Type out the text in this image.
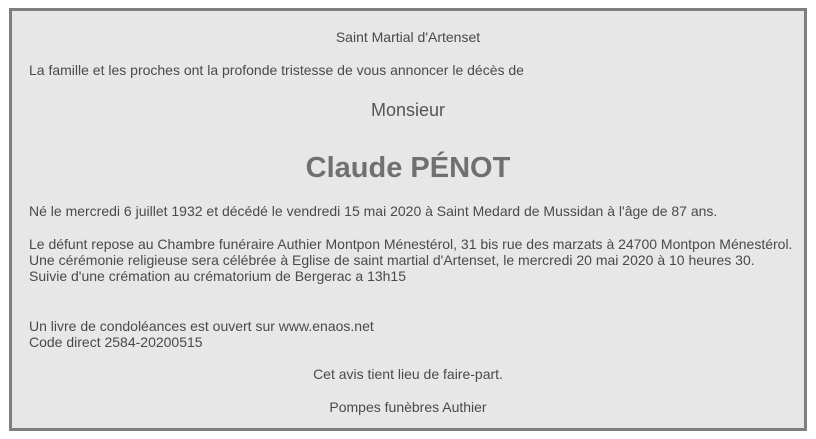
Saint Martial d'Artenset
La famille et les proches ont la profonde tristesse de vous annoncer le décès de
Monsieur
Claude PÉNOT
Né le mercredi 6 juillet 1932 et décédé le vendredi 15 mai 2020 à Saint Medard de Mussidan à l'âge de 87 ans.
Le défunt repose au Chambre funéraire Authier Montpon Ménestérol, 31 bis rue des marzats à 24700 Montpon Ménestérol.
Une cérémonie religieuse sera célébrée à Eglise de saint martial d'Artenset, le mercredi 20 mai 2020 à 10 heures 30.
Suivie d'une crémation au crématorium de Bergerac a 13h15
Un livre de condoléances est ouvert sur www.enaos.net
Code direct 2584-20200515
Cet avis tient lieu de faire-part.
Pompes funèbres Authier
